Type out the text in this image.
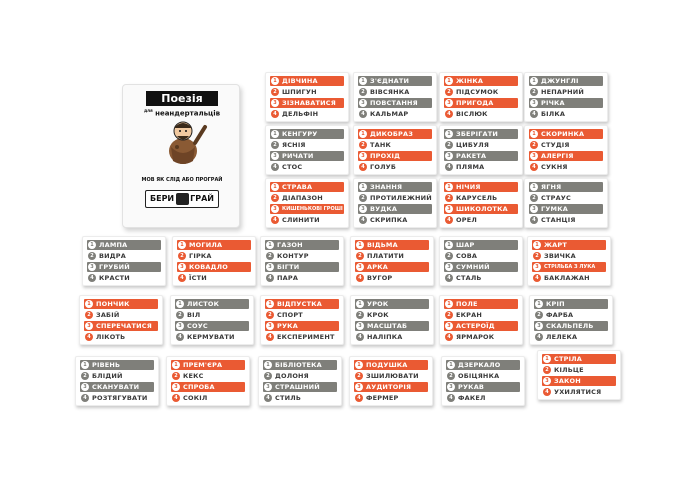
Поезія
$^{для}$ неандертальців
МОВ ЯК СЛІД АБО ПРОГРАЙ
БЕРИ ГРАЙ
1 ДІВЧИНА
2 ШПИГУН
3 ЗІЗНАВАТИСЯ
4 ДЕЛЬФІН
1 З'ЄДНАТИ
2 ВІВСЯНКА
3 ПОВСТАННЯ
4 КАЛЬМАР
1 ЖІНКА
2 ПІДСУМОК
3 ПРИГОДА
4 ВІСЛЮК
1 ДЖУНГЛІ
2 НЕПАРНИЙ
3 РІЧКА
4 БІЛКА
1 КЕНГУРУ
2 ЯСНІЯ
3 РИЧАТИ
4 СТОС
1 ДИКОБРАЗ
2 ТАНК
3 ПРОХІД
4 ГОЛУБ
1 ЗБЕРІГАТИ
2 ЦИБУЛЯ
3 РАКЕТА
4 ПЛЯМА
1 СКОРИНКА
2 СТУДІЯ
3 АЛЕРГІЯ
4 СУКНЯ
1 СТРАВА
2 ДІАПАЗОН
3	КИШЕНЬКОВІ ГРОШІ
4 СЛИНИТИ
1 ЗНАННЯ
2 ПРОТИЛЕЖНИЙ
3 ВУДКА
4 СКРИПКА
1 НІЧИЯ
2 КАРУСЕЛЬ
3 ШИКОЛОТКА
4 ОРЕЛ
1 ЯГНЯ
2 СТРАУС
3 ГУМКА
4 СТАНЦІЯ
1 ЛАМПА
2 ВИДРА
3 ГРУБИЙ
4 КРАСТИ
1 МОГИЛА
2 ГІРКА
3 КОВАДЛО
4 ЇСТИ
1 ГАЗОН
2 КОНТУР
3 БІГТИ
4 ПАРА
1 ВІДЬМА
2 ПЛАТИТИ
3 АРКА
4 ВУГОР
1 ШАР
2 СОВА
3 СУМНИЙ
4 СТАЛЬ
1 ЖАРТ
2 ЗВИЧКА
3	СТРІЛЬБА З ЛУКА
4 БАКЛАЖАН
1 ПОНЧИК
2 ЗАБІЙ
3 СПЕРЕЧАТИСЯ
4 ЛІКОТЬ
1 ЛИСТОК
2 ВІЛ
3 СОУС
4 КЕРМУВАТИ
1 ВІДПУСТКА
2 СПОРТ
3 РУКА
4 ЕКСПЕРИМЕНТ
1 УРОК
2 КРОК
3 МАСШТАБ
4 НАЛІПКА
1 ПОЛЕ
2 ЕКРАН
3 АСТЕРОЇД
4 ЯРМАРОК
1 КРІП
2 ФАРБА
3 СКАЛЬПЕЛЬ
4 ЛЕЛЕКА
1 РІВЕНЬ
2 БЛІДИЙ
3 СКАНУВАТИ
4 РОЗТЯГУВАТИ
1 ПРЕМ'ЄРА
2 КЕКС
3 СПРОБА
4 СОКІЛ
1 БІБЛІОТЕКА
2 ДОЛОНЯ
3 СТРАШНИЙ
4 СТИЛЬ
1 ПОДУШКА
2 ЗШИЛЮВАТИ
3 АУДИТОРІЯ
4 ФЕРМЕР
1 ДЗЕРКАЛО
2 ОБІЦЯНКА
3 РУКАВ
4 ФАКЕЛ
1 СТРІЛА
2 КІЛЬЦЕ
3 ЗАКОН
4 УХИЛЯТИСЯ
